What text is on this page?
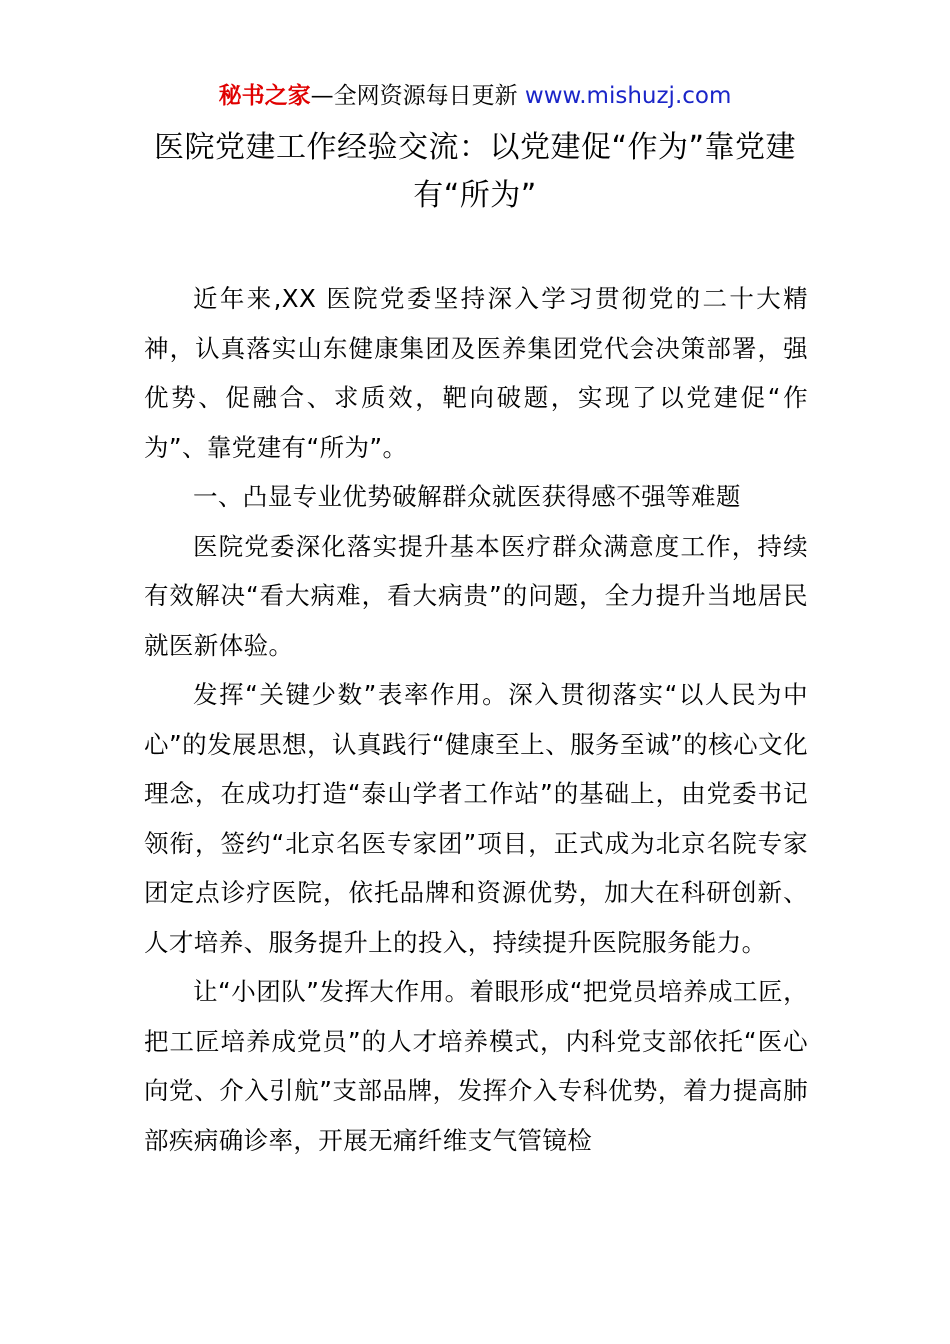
秘书之家—全网资源每日更新 www.mishuzj.com
医院党建工作经验交流：以党建促“作为”靠党建有“所为”

近年来,XX 医院党委坚持深入学习贯彻党的二十大精神，认真落实山东健康集团及医养集团党代会决策部署，强优势、促融合、求质效，靶向破题，实现了以党建促“作为”、靠党建有“所为”。

一、凸显专业优势破解群众就医获得感不强等难题

医院党委深化落实提升基本医疗群众满意度工作，持续有效解决“看大病难，看大病贵”的问题，全力提升当地居民就医新体验。

发挥“关键少数”表率作用。深入贯彻落实“以人民为中心”的发展思想，认真践行“健康至上、服务至诚”的核心文化理念，在成功打造“泰山学者工作站”的基础上，由党委书记领衔，签约“北京名医专家团”项目，正式成为北京名院专家团定点诊疗医院，依托品牌和资源优势，加大在科研创新、人才培养、服务提升上的投入，持续提升医院服务能力。

让“小团队”发挥大作用。着眼形成“把党员培养成工匠，把工匠培养成党员”的人才培养模式，内科党支部依托“医心向党、介入引航”支部品牌，发挥介入专科优势，着力提高肺部疾病确诊率，开展无痛纤维支气管镜检
